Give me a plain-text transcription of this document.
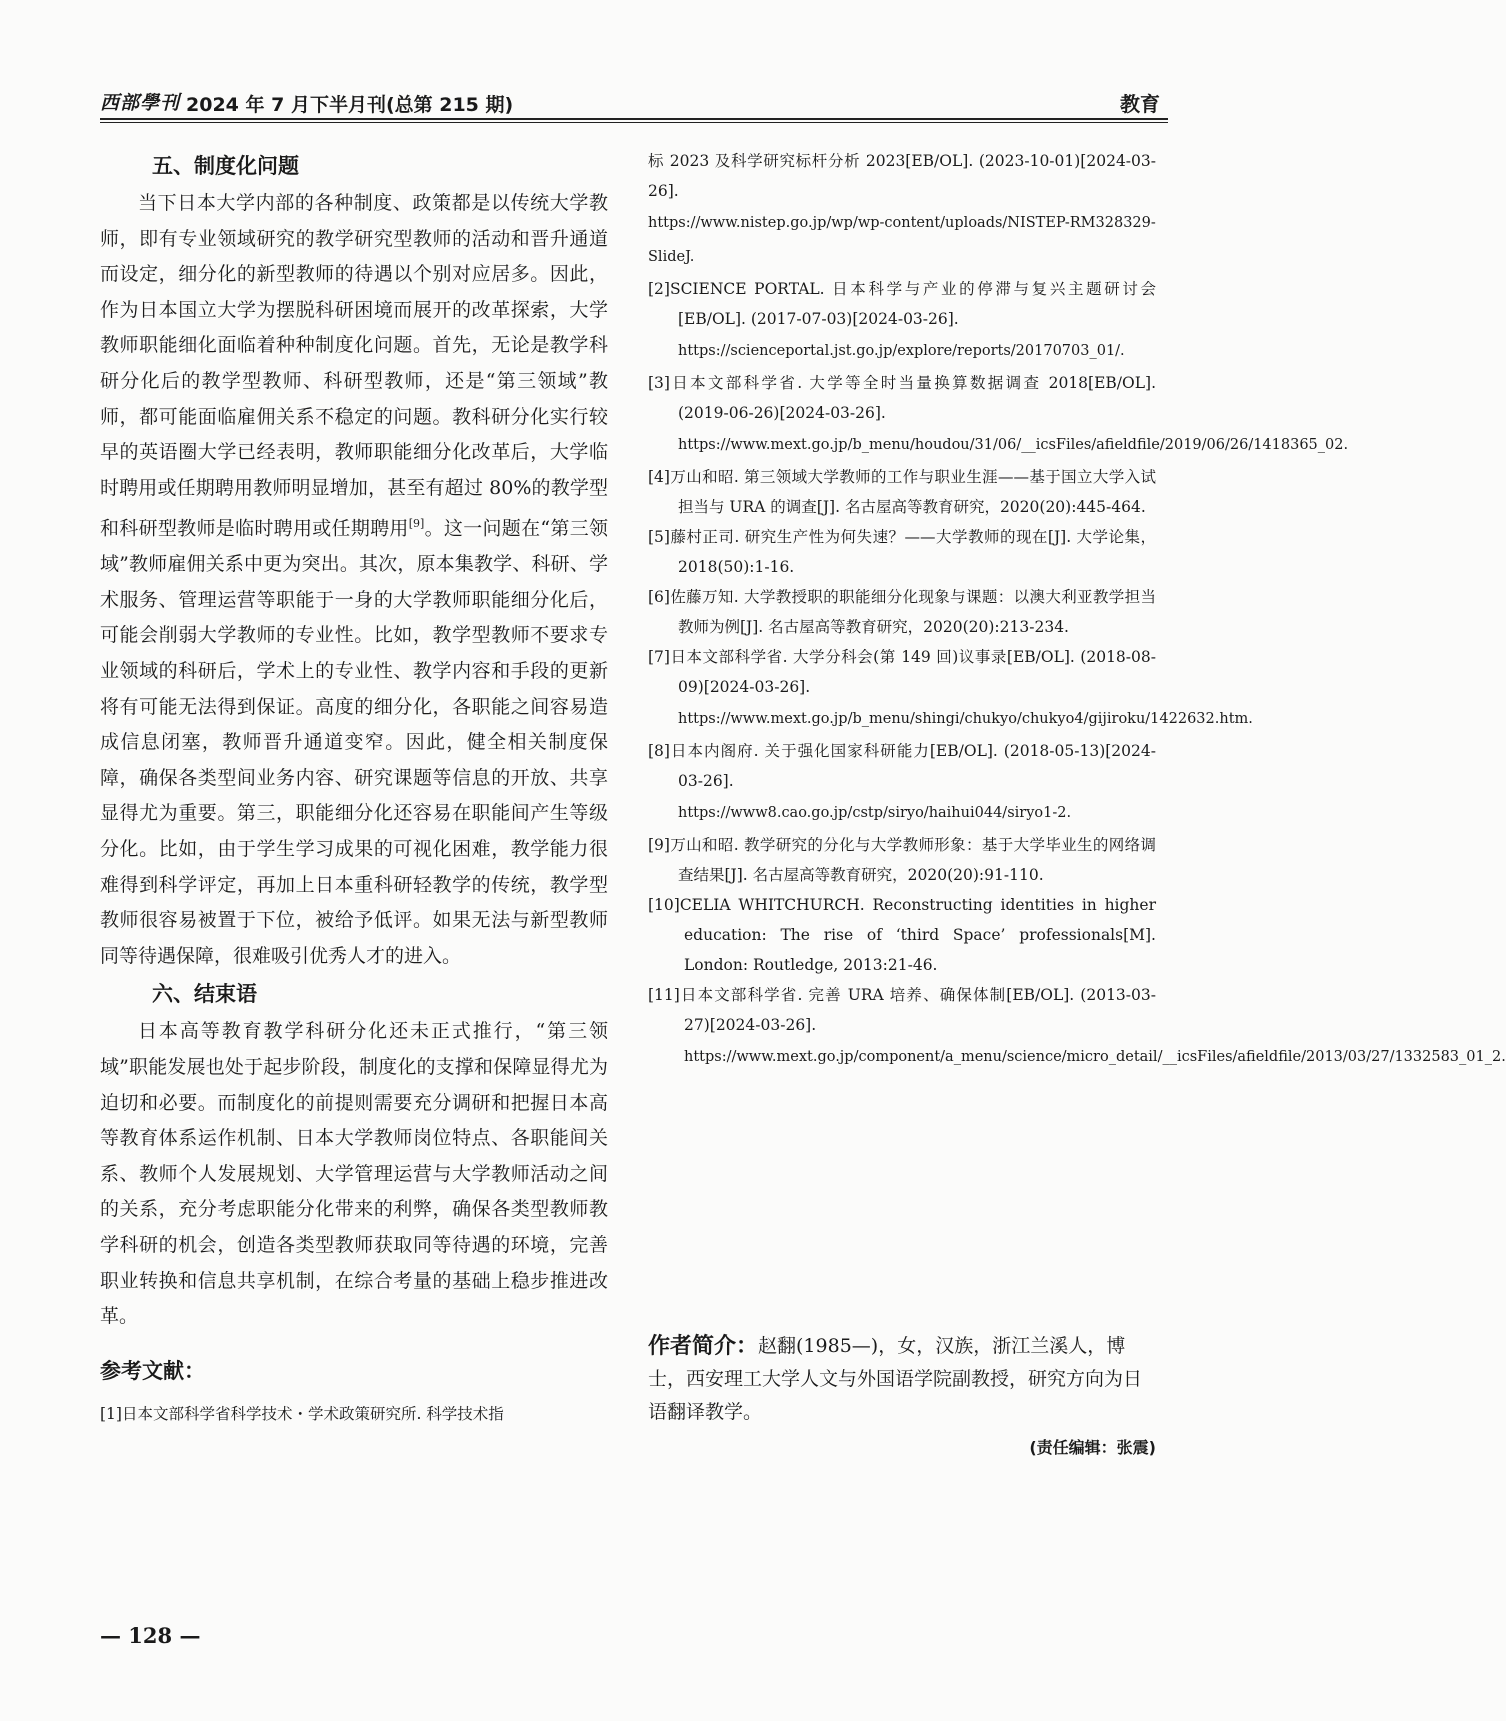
西部學刊 2024 年 7 月下半月刊(总第 215 期)	教育
五、制度化问题

当下日本大学内部的各种制度、政策都是以传统大学教师，即有专业领域研究的教学研究型教师的活动和晋升通道而设定，细分化的新型教师的待遇以个别对应居多。因此，作为日本国立大学为摆脱科研困境而展开的改革探索，大学教师职能细化面临着种种制度化问题。首先，无论是教学科研分化后的教学型教师、科研型教师，还是“第三领域”教师，都可能面临雇佣关系不稳定的问题。教科研分化实行较早的英语圈大学已经表明，教师职能细分化改革后，大学临时聘用或任期聘用教师明显增加，甚至有超过 80%的教学型和科研型教师是临时聘用或任期聘用[9]。这一问题在“第三领域”教师雇佣关系中更为突出。其次，原本集教学、科研、学术服务、管理运营等职能于一身的大学教师职能细分化后，可能会削弱大学教师的专业性。比如，教学型教师不要求专业领域的科研后，学术上的专业性、教学内容和手段的更新将有可能无法得到保证。高度的细分化，各职能之间容易造成信息闭塞，教师晋升通道变窄。因此，健全相关制度保障，确保各类型间业务内容、研究课题等信息的开放、共享显得尤为重要。第三，职能细分化还容易在职能间产生等级分化。比如，由于学生学习成果的可视化困难，教学能力很难得到科学评定，再加上日本重科研轻教学的传统，教学型教师很容易被置于下位，被给予低评。如果无法与新型教师同等待遇保障，很难吸引优秀人才的进入。

六、结束语

日本高等教育教学科研分化还未正式推行，“第三领域”职能发展也处于起步阶段，制度化的支撑和保障显得尤为迫切和必要。而制度化的前提则需要充分调研和把握日本高等教育体系运作机制、日本大学教师岗位特点、各职能间关系、教师个人发展规划、大学管理运营与大学教师活动之间的关系，充分考虑职能分化带来的利弊，确保各类型教师教学科研的机会，创造各类型教师获取同等待遇的环境，完善职业转换和信息共享机制，在综合考量的基础上稳步推进改革。

参考文献：

[1]日本文部科学省科学技术・学术政策研究所. 科学技术指

标 2023 及科学研究标杆分析 2023[EB/OL]. (2023-10-01)[2024-03-26].
https://www.nistep.go.jp/wp/wp-content/uploads/NISTEP-RM328329-SlideJ.

[2]SCIENCE PORTAL. 日本科学与产业的停滞与复兴主题研讨会[EB/OL]. (2017-07-03)[2024-03-26].
https://scienceportal.jst.go.jp/explore/reports/20170703_01/.

[3]日本文部科学省. 大学等全时当量换算数据调查 2018[EB/OL]. (2019-06-26)[2024-03-26].
https://www.mext.go.jp/b_menu/houdou/31/06/__icsFiles/afieldfile/2019/06/26/1418365_02.

[4]万山和昭. 第三领域大学教师的工作与职业生涯——基于国立大学入试担当与 URA 的调查[J]. 名古屋高等教育研究，2020(20):445-464.

[5]藤村正司. 研究生产性为何失速？——大学教师的现在[J]. 大学论集，2018(50):1-16.

[6]佐藤万知. 大学教授职的职能细分化现象与课题：以澳大利亚教学担当教师为例[J]. 名古屋高等教育研究，2020(20):213-234.

[7]日本文部科学省. 大学分科会(第 149 回)议事录[EB/OL]. (2018-08-09)[2024-03-26].
https://www.mext.go.jp/b_menu/shingi/chukyo/chukyo4/gijiroku/1422632.htm.

[8]日本内阁府. 关于强化国家科研能力[EB/OL]. (2018-05-13)[2024-03-26].
https://www8.cao.go.jp/cstp/siryo/haihui044/siryo1-2.

[9]万山和昭. 教学研究的分化与大学教师形象：基于大学毕业生的网络调查结果[J]. 名古屋高等教育研究，2020(20):91-110.

[10]CELIA WHITCHURCH. Reconstructing identities in higher education: The rise of ‘third Space’ professionals[M]. London: Routledge, 2013:21-46.

[11]日本文部科学省. 完善 URA 培养、确保体制[EB/OL]. (2013-03-27)[2024-03-26].
https://www.mext.go.jp/component/a_menu/science/micro_detail/__icsFiles/afieldfile/2013/03/27/1332583_01_2.

作者简介： 赵翻(1985—)，女，汉族，浙江兰溪人，博士，西安理工大学人文与外国语学院副教授，研究方向为日语翻译教学。
(责任编辑：张震)
— 128 —
